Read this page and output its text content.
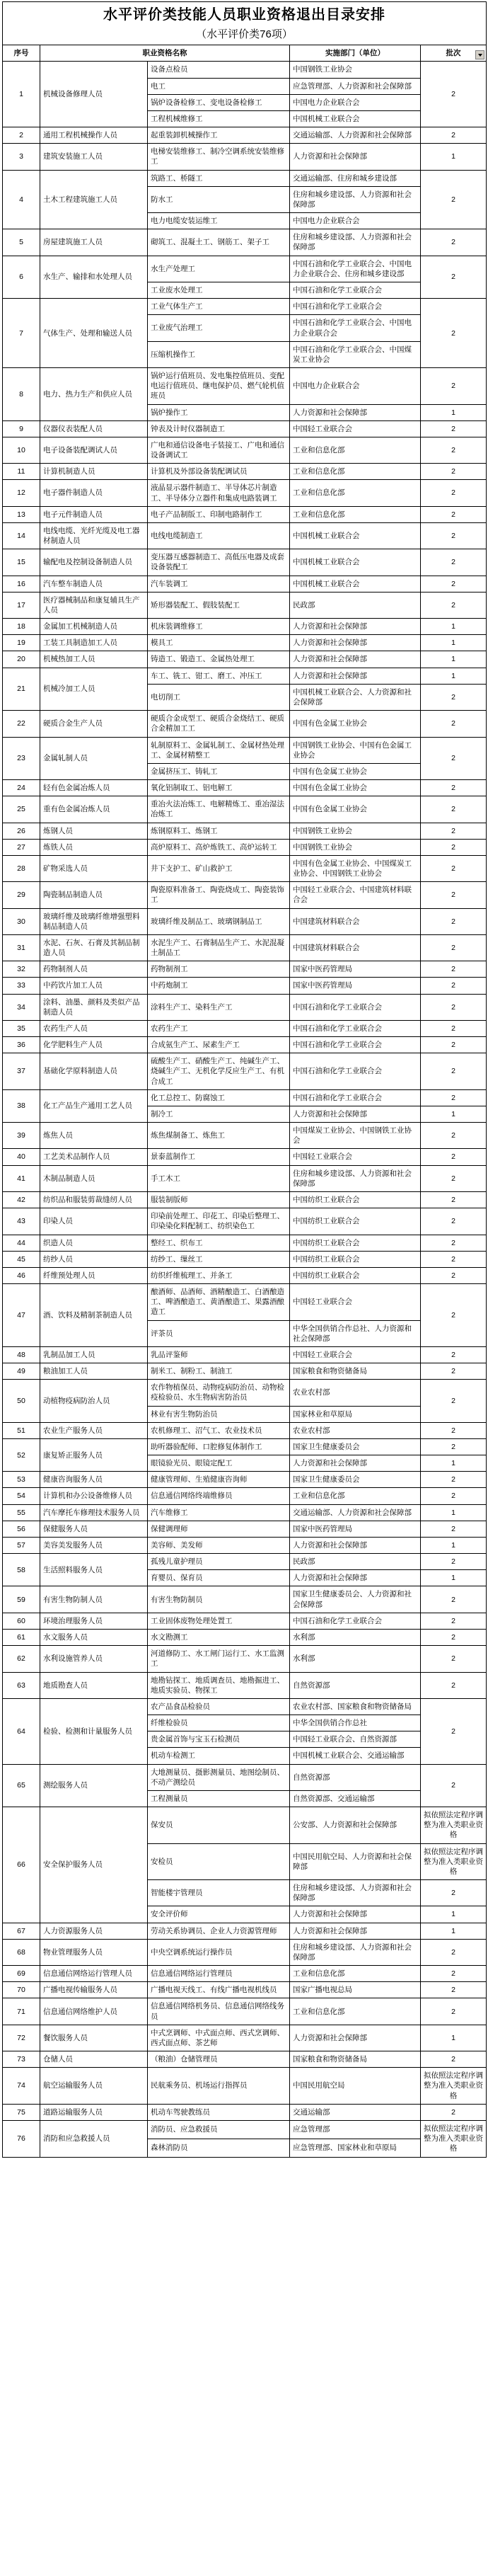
水平评价类技能人员职业资格退出目录安排
（水平评价类76项）				

序号	职业资格名称		实施部门（单位）	批次

1	机械设备修理人员	设备点检员	中国钢铁工业协会	2
		电工	应急管理部、人力资源和社会保障部	
		锅炉设备检修工、变电设备检修工	中国电力企业联合会	
		工程机械维修工	中国机械工业联合会	
2	通用工程机械操作人员	起重装卸机械操作工	交通运输部、人力资源和社会保障部	2
3	建筑安装施工人员	电梯安装维修工、制冷空调系统安装维修工	人力资源和社会保障部	1
4	土木工程建筑施工人员	筑路工、桥隧工	交通运输部、住房和城乡建设部	2
		防水工	住房和城乡建设部、人力资源和社会保障部	
		电力电缆安装运维工	中国电力企业联合会	
5	房屋建筑施工人员	砌筑工、混凝土工、钢筋工、架子工	住房和城乡建设部、人力资源和社会保障部	2
6	水生产、输排和水处理人员	水生产处理工	中国石油和化学工业联合会、中国电力企业联合会、住房和城乡建设部	2
		工业废水处理工	中国石油和化学工业联合会	
7	气体生产、处理和输送人员	工业气体生产工	中国石油和化学工业联合会	2
		工业废气治理工	中国石油和化学工业联合会、中国电力企业联合会	
		压缩机操作工	中国石油和化学工业联合会、中国煤炭工业协会	
8	电力、热力生产和供应人员	锅炉运行值班员、发电集控值班员、变配电运行值班员、继电保护员、燃气轮机值班员	中国电力企业联合会	2
		锅炉操作工	人力资源和社会保障部	1
9	仪器仪表装配人员	钟表及计时仪器制造工	中国轻工业联合会	2
10	电子设备装配调试人员	广电和通信设备电子装接工、广电和通信设备调试工	工业和信息化部	2
11	计算机制造人员	计算机及外部设备装配调试员	工业和信息化部	2
12	电子器件制造人员	液晶显示器件制造工、半导体芯片制造工、半导体分立器件和集成电路装调工	工业和信息化部	2
13	电子元件制造人员	电子产品制版工、印制电路制作工	工业和信息化部	2
14	电线电缆、光纤光缆及电工器材制造人员	电线电缆制造工	中国机械工业联合会	2
15	输配电及控制设备制造人员	变压器互感器制造工、高低压电器及成套设备装配工	中国机械工业联合会	2
16	汽车整车制造人员	汽车装调工	中国机械工业联合会	2
17	医疗器械制品和康复辅具生产人员	矫形器装配工、假肢装配工	民政部	2
18	金属加工机械制造人员	机床装调维修工	人力资源和社会保障部	1
19	工装工具制造加工人员	模具工	人力资源和社会保障部	1
20	机械热加工人员	铸造工、锻造工、金属热处理工	人力资源和社会保障部	1
21	机械冷加工人员	车工、铣工、钳工、磨工、冲压工	人力资源和社会保障部	1
		电切削工	中国机械工业联合会、人力资源和社会保障部	2
22	硬质合金生产人员	硬质合金成型工、硬质合金烧结工、硬质合金精加工工	中国有色金属工业协会	2
23	金属轧制人员	轧制原料工、金属轧制工、金属材热处理工、金属材精整工	中国钢铁工业协会、中国有色金属工业协会	2
		金属挤压工、铸轧工	中国有色金属工业协会	
24	轻有色金属冶炼人员	氧化铝制取工、铝电解工	中国有色金属工业协会	2
25	重有色金属冶炼人员	重冶火法冶炼工、电解精炼工、重冶湿法冶炼工	中国有色金属工业协会	2
26	炼钢人员	炼钢原料工、炼钢工	中国钢铁工业协会	2
27	炼铁人员	高炉原料工、高炉炼铁工、高炉运转工	中国钢铁工业协会	2
28	矿物采选人员	井下支护工、矿山救护工	中国有色金属工业协会、中国煤炭工业协会、中国钢铁工业协会	2
29	陶瓷制品制造人员	陶瓷原料准备工、陶瓷烧成工、陶瓷装饰工	中国轻工业联合会、中国建筑材料联合会	2
30	玻璃纤维及玻璃纤维增强塑料制品制造人员	玻璃纤维及制品工、玻璃钢制品工	中国建筑材料联合会	2
31	水泥、石灰、石膏及其制品制造人员	水泥生产工、石膏制品生产工、水泥混凝土制品工	中国建筑材料联合会	2
32	药物制剂人员	药物制剂工	国家中医药管理局	2
33	中药饮片加工人员	中药炮制工	国家中医药管理局	2
34	涂料、油墨、颜料及类似产品制造人员	涂料生产工、染料生产工	中国石油和化学工业联合会	2
35	农药生产人员	农药生产工	中国石油和化学工业联合会	2
36	化学肥料生产人员	合成氨生产工、尿素生产工	中国石油和化学工业联合会	2
37	基础化学原料制造人员	硫酸生产工、硝酸生产工、纯碱生产工、烧碱生产工、无机化学反应生产工、有机合成工	中国石油和化学工业联合会	2
38	化工产品生产通用工艺人员	化工总控工、防腐蚀工	中国石油和化学工业联合会	2
		制冷工	人力资源和社会保障部	1
39	炼焦人员	炼焦煤制备工、炼焦工	中国煤炭工业协会、中国钢铁工业协会	2
40	工艺美术品制作人员	景泰蓝制作工	中国轻工业联合会	2
41	木制品制造人员	手工木工	住房和城乡建设部、人力资源和社会保障部	2
42	纺织品和服装剪裁缝纫人员	服装制版师	中国纺织工业联合会	2
43	印染人员	印染前处理工、印花工、印染后整理工、印染染化料配制工、纺织染色工	中国纺织工业联合会	2
44	织造人员	整经工、织布工	中国纺织工业联合会	2
45	纺纱人员	纺纱工、缫丝工	中国纺织工业联合会	2
46	纤维预处理人员	纺织纤维梳理工、并条工	中国纺织工业联合会	2
47	酒、饮料及精制茶制造人员	酿酒师、品酒师、酒精酿造工、白酒酿造工、啤酒酿造工、黄酒酿造工、果露酒酿造工	中国轻工业联合会	2
		评茶员	中华全国供销合作总社、人力资源和社会保障部	
48	乳制品加工人员	乳品评鉴师	中国轻工业联合会	2
49	粮油加工人员	制米工、制粉工、制油工	国家粮食和物资储备局	2
50	动植物疫病防治人员	农作物植保员、动物疫病防治员、动物检疫检验员、水生物病害防治员	农业农村部	2
		林业有害生物防治员	国家林业和草原局	
51	农业生产服务人员	农机修理工、沼气工、农业技术员	农业农村部	2
52	康复矫正服务人员	助听器验配师、口腔修复体制作工	国家卫生健康委员会	2
		眼镜验光员、眼镜定配工	人力资源和社会保障部	1
53	健康咨询服务人员	健康管理师、生殖健康咨询师	国家卫生健康委员会	2
54	计算机和办公设备维修人员	信息通信网络终端维修员	工业和信息化部	2
55	汽车摩托车修理技术服务人员	汽车维修工	交通运输部、人力资源和社会保障部	1
56	保健服务人员	保健调理师	国家中医药管理局	2
57	美容美发服务人员	美容师、美发师	人力资源和社会保障部	1
58	生活照料服务人员	孤残儿童护理员	民政部	2
		育婴员、保育员	人力资源和社会保障部	1
59	有害生物防制人员	有害生物防制员	国家卫生健康委员会、人力资源和社会保障部	2
60	环境治理服务人员	工业固体废物处理处置工	中国石油和化学工业联合会	2
61	水文服务人员	水文勘测工	水利部	2
62	水利设施管养人员	河道修防工、水工闸门运行工、水工监测工	水利部	2
63	地质勘查人员	地勘钻探工、地质调查员、地勘掘进工、地质实验员、物探工	自然资源部	2
64	检验、检测和计量服务人员	农产品食品检验员	农业农村部、国家粮食和物资储备局	2
		纤维检验员	中华全国供销合作总社	
		贵金属首饰与宝玉石检测员	中国轻工业联合会、自然资源部	
		机动车检测工	中国机械工业联合会、交通运输部	
65	测绘服务人员	大地测量员、摄影测量员、地图绘制员、不动产测绘员	自然资源部	2
		工程测量员	自然资源部、交通运输部	
66	安全保护服务人员	保安员	公安部、人力资源和社会保障部	拟依照法定程序调整为准入类职业资格
		安检员	中国民用航空局、人力资源和社会保障部	拟依照法定程序调整为准入类职业资格
		智能楼宇管理员	住房和城乡建设部、人力资源和社会保障部	2
		安全评价师	人力资源和社会保障部	1
67	人力资源服务人员	劳动关系协调员、企业人力资源管理师	人力资源和社会保障部	1
68	物业管理服务人员	中央空调系统运行操作员	住房和城乡建设部、人力资源和社会保障部	2
69	信息通信网络运行管理人员	信息通信网络运行管理员	工业和信息化部	2
70	广播电视传输服务人员	广播电视天线工、有线广播电视机线员	国家广播电视总局	2
71	信息通信网络维护人员	信息通信网络机务员、信息通信网络线务员	工业和信息化部	2
72	餐饮服务人员	中式烹调师、中式面点师、西式烹调师、西式面点师、茶艺师	人力资源和社会保障部	1
73	仓储人员	（粮油）仓储管理员	国家粮食和物资储备局	2
74	航空运输服务人员	民航乘务员、机场运行指挥员	中国民用航空局	拟依照法定程序调整为准入类职业资格
75	道路运输服务人员	机动车驾驶教练员	交通运输部	2
76	消防和应急救援人员	消防员、应急救援员	应急管理部	拟依照法定程序调整为准入类职业资格
		森林消防员	应急管理部、国家林业和草原局	
